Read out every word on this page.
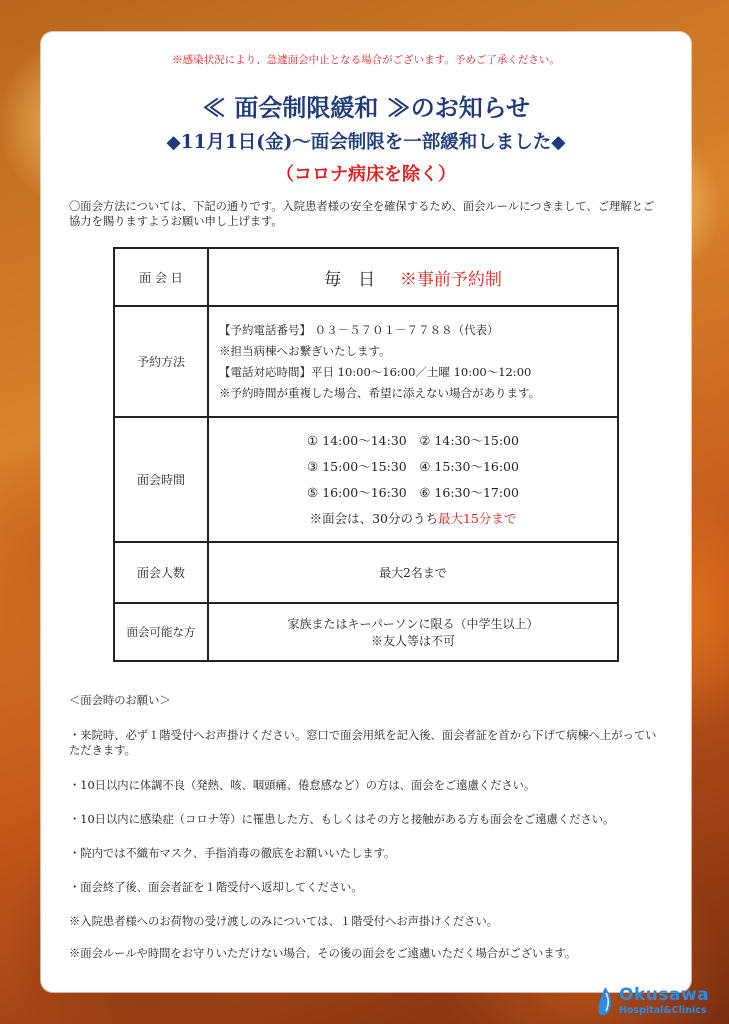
※感染状況により、急遽面会中止となる場合がございます。予めご了承ください。
≪ 面会制限緩和 ≫のお知らせ
◆11月1日(金)～面会制限を一部緩和しました◆
（コロナ病床を除く）
〇面会方法については、下記の通りです。入院患者様の安全を確保するため、面会ルールにつきまして、ご理解とご協力を賜りますようお願い申し上げます。
面 会 日	毎　日 ※事前予約制
予約方法	【予約電話番号】 ０３－５７０１－７７８８（代表）
※担当病棟へお繋ぎいたします。
【電話対応時間】平日 10:00～16:00／土曜 10:00～12:00
※予約時間が重複した場合、希望に添えない場合があります。

面会時間	① 14:00～14:30　② 14:30～15:00
③ 15:00～15:30　④ 15:30～16:00
⑤ 16:00～16:30　⑥ 16:30～17:00
※面会は、30分のうち最大15分まで

面会人数	最大2名まで
面会可能な方	家族またはキーパーソンに限る（中学生以上）
※友人等は不可

＜面会時のお願い＞

・来院時、必ず１階受付へお声掛けください。窓口で面会用紙を記入後、面会者証を首から下げて病棟へ上がっていただきます。

・10日以内に体調不良（発熱、咳、咽頭痛、倦怠感など）の方は、面会をご遠慮ください。

・10日以内に感染症（コロナ等）に罹患した方、もしくはその方と接触がある方も面会をご遠慮ください。

・院内では不織布マスク、手指消毒の徹底をお願いいたします。

・面会終了後、面会者証を１階受付へ返却してください。

※入院患者様へのお荷物の受け渡しのみについては、１階受付へお声掛けください。

※面会ルールや時間をお守りいただけない場合、その後の面会をご遠慮いただく場合がございます。

Okusawa
Hospital&Clinics
